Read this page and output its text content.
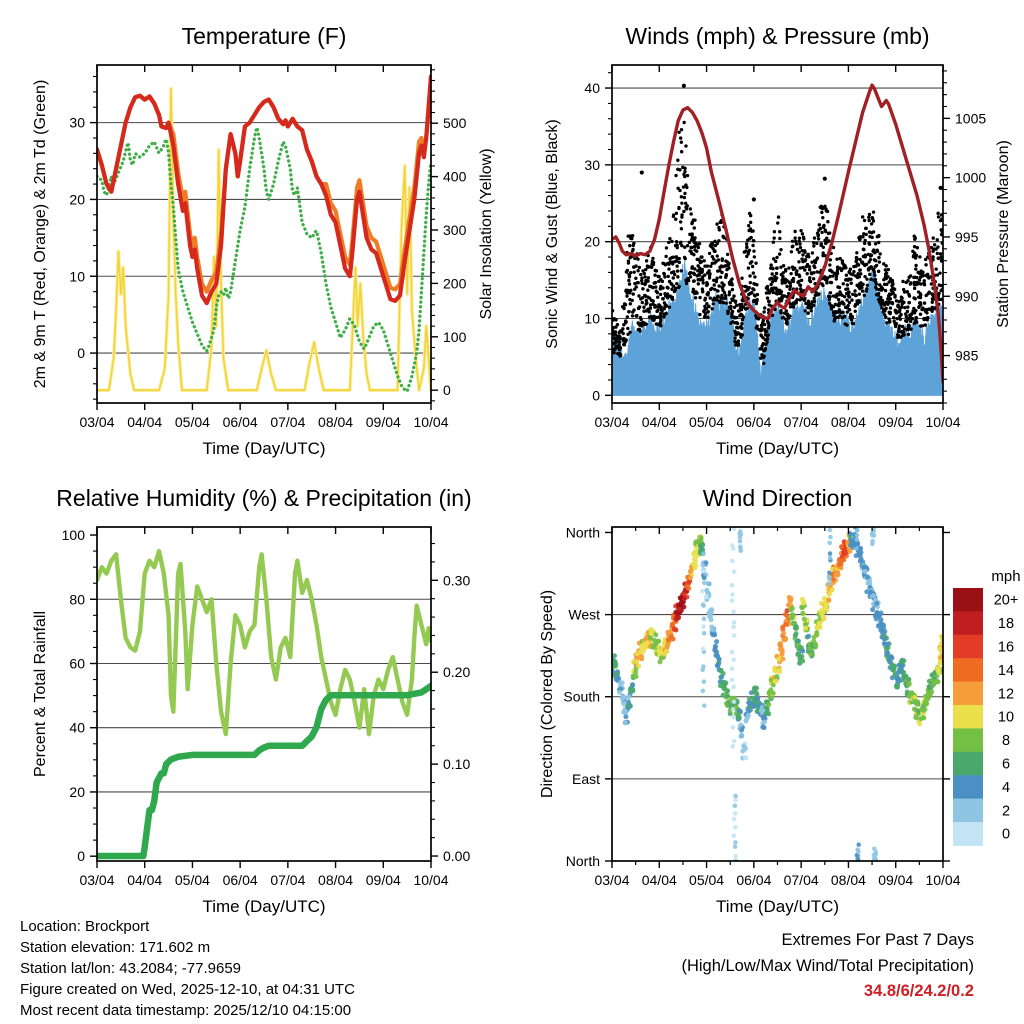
03/04 04/04 05/04 06/04 07/04 08/04 09/04 10/04
0
10
20
30
0
100
200
300
400
500
Temperature (F)
Time (Day/UTC)
2m & 9m T (Red, Orange) & 2m Td (Green)	Solar Insolation (Yellow)
03/04 04/04 05/04 06/04 07/04 08/04 09/04 10/04
0
10
20
30
40
985
990
995
1000
1005
Winds (mph) & Pressure (mb)
Time (Day/UTC)
Sonic Wind & Gust (Blue, Black)	Station Pressure (Maroon)
03/04 04/04 05/04 06/04 07/04 08/04 09/04 10/04
0
20
40
60
80
100
0.00
0.10
0.20
0.30
Relative Humidity (%) & Precipitation (in)
Time (Day/UTC)
Percent & Total Rainfall
03/04 04/04 05/04 06/04 07/04 08/04 09/04 10/04
North
East
South
West
North
Wind Direction
Time (Day/UTC)
Direction (Colored By Speed)
mph
20+
18
16
14
12
10
8
6
4
2
0
Location: Brockport
Station elevation: 171.602 m
Station lat/lon: 43.2084; -77.9659
Figure created on Wed, 2025-12-10, at 04:31 UTC
Most recent data timestamp: 2025/12/10 04:15:00
Extremes For Past 7 Days
(High/Low/Max Wind/Total Precipitation)
34.8/6/24.2/0.2
